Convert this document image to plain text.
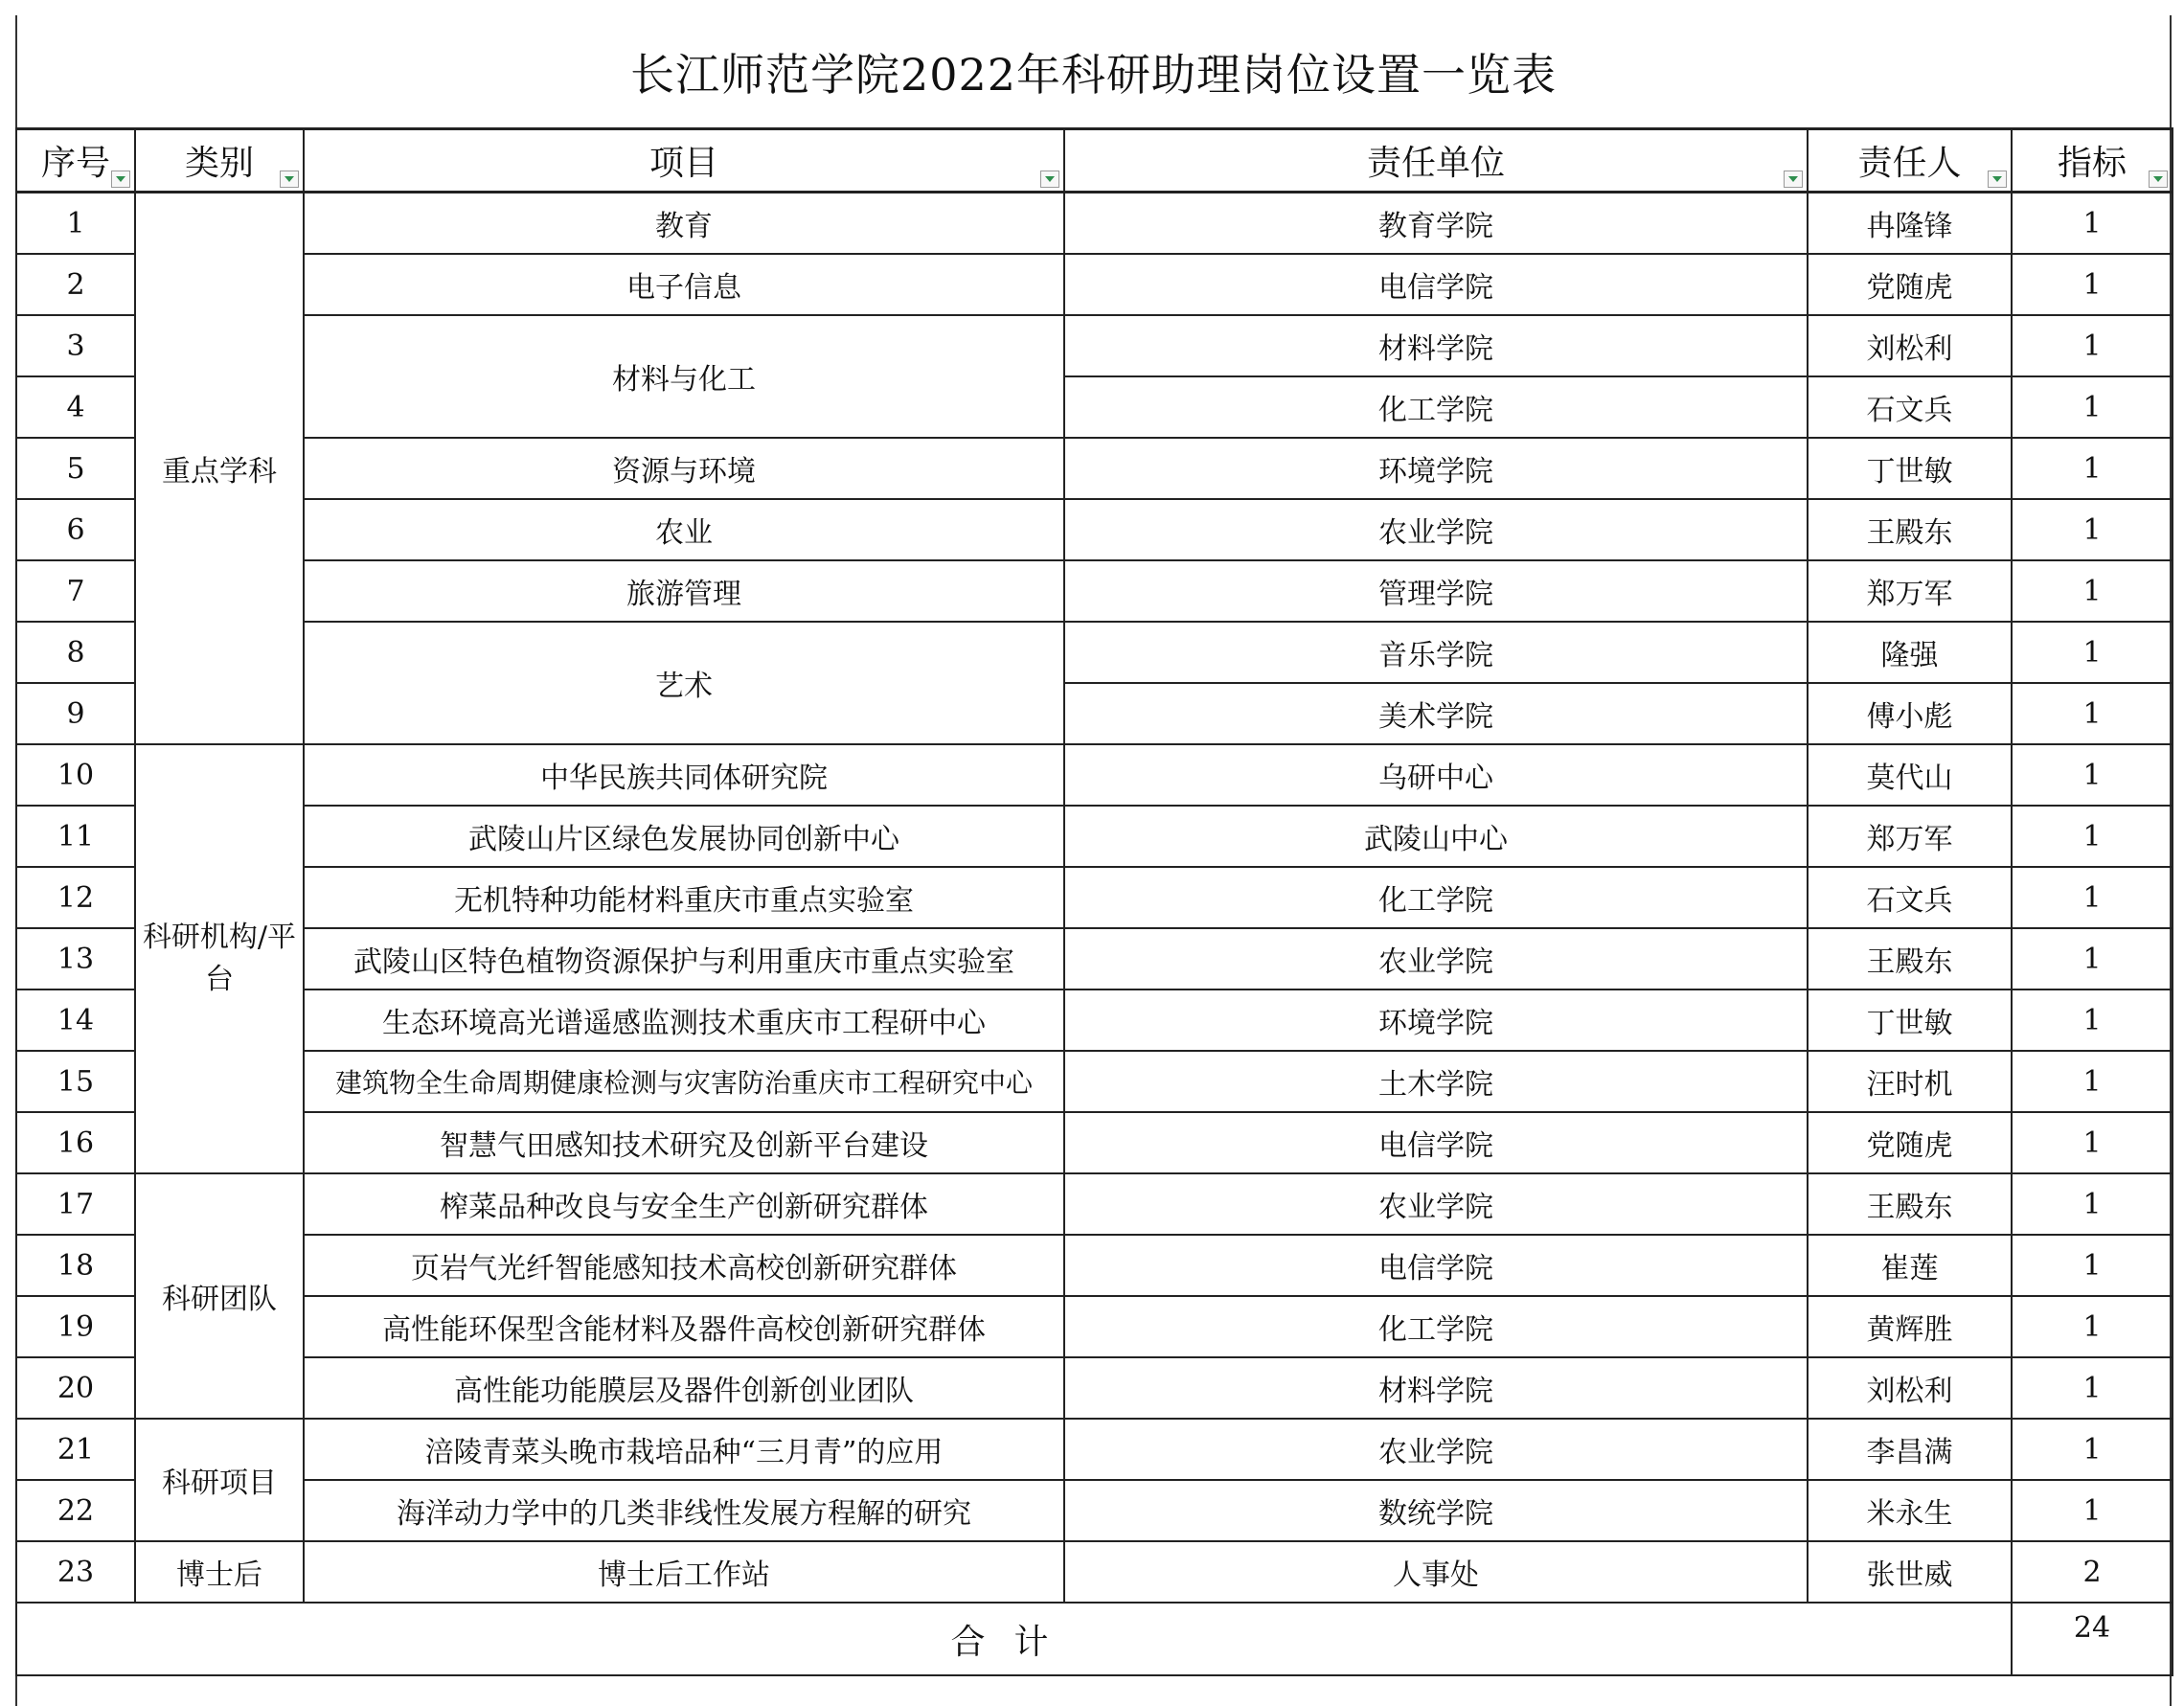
长江师范学院2022年科研助理岗位设置一览表
序号	类别	项目	责任单位	责任人	指标

1	重点学科	教育	教育学院	冉隆锋	1
2		电子信息	电信学院	党随虎	1
3		材料与化工	材料学院	刘松利	1
4			化工学院	石文兵	1
5		资源与环境	环境学院	丁世敏	1
6		农业	农业学院	王殿东	1
7		旅游管理	管理学院	郑万军	1
8		艺术	音乐学院	隆强	1
9			美术学院	傅小彪	1
10	科研机构/平台	中华民族共同体研究院	乌研中心	莫代山	1
11		武陵山片区绿色发展协同创新中心	武陵山中心	郑万军	1
12		无机特种功能材料重庆市重点实验室	化工学院	石文兵	1
13		武陵山区特色植物资源保护与利用重庆市重点实验室	农业学院	王殿东	1
14		生态环境高光谱遥感监测技术重庆市工程研中心	环境学院	丁世敏	1
15		建筑物全生命周期健康检测与灾害防治重庆市工程研究中心	土木学院	汪时机	1
16		智慧气田感知技术研究及创新平台建设	电信学院	党随虎	1
17	科研团队	榨菜品种改良与安全生产创新研究群体	农业学院	王殿东	1
18		页岩气光纤智能感知技术高校创新研究群体	电信学院	崔莲	1
19		高性能环保型含能材料及器件高校创新研究群体	化工学院	黄辉胜	1
20		高性能功能膜层及器件创新创业团队	材料学院	刘松利	1
21	科研项目	涪陵青菜头晚市栽培品种“三月青”的应用	农业学院	李昌满	1
22		海洋动力学中的几类非线性发展方程解的研究	数统学院	米永生	1
23	博士后	博士后工作站	人事处	张世威	2
合计					24
